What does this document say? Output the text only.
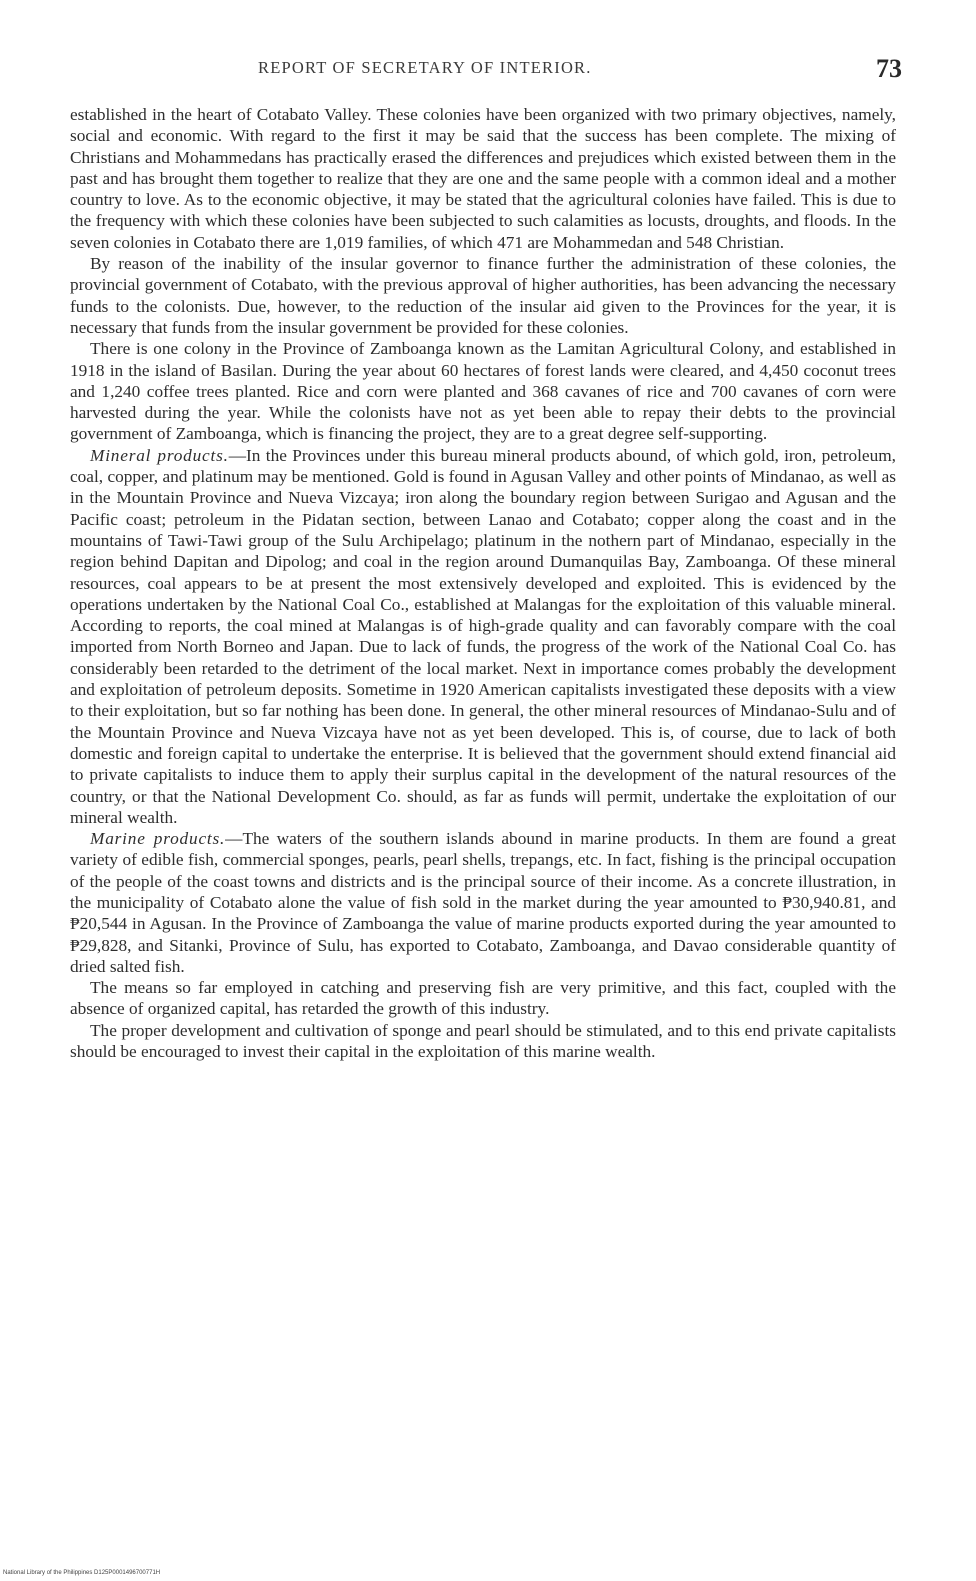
REPORT OF SECRETARY OF INTERIOR.	73

established in the heart of Cotabato Valley. These colonies have been organized with two primary objectives, namely, social and economic. With regard to the first it may be said that the success has been complete. The mixing of Christians and Mohammedans has practically erased the differences and prejudices which existed between them in the past and has brought them together to realize that they are one and the same people with a common ideal and a mother country to love. As to the economic objective, it may be stated that the agricultural colonies have failed. This is due to the frequency with which these colonies have been subjected to such calamities as locusts, droughts, and floods. In the seven colonies in Cotabato there are 1,019 families, of which 471 are Mohammedan and 548 Christian.

By reason of the inability of the insular governor to finance further the administration of these colonies, the provincial government of Cotabato, with the previous approval of higher authorities, has been advancing the necessary funds to the colonists. Due, however, to the reduction of the insular aid given to the Provinces for the year, it is necessary that funds from the insular government be provided for these colonies.

There is one colony in the Province of Zamboanga known as the Lamitan Agricultural Colony, and established in 1918 in the island of Basilan. During the year about 60 hectares of forest lands were cleared, and 4,450 coconut trees and 1,240 coffee trees planted. Rice and corn were planted and 368 cavanes of rice and 700 cavanes of corn were harvested during the year. While the colonists have not as yet been able to repay their debts to the provincial government of Zamboanga, which is financing the project, they are to a great degree self-supporting.

Mineral products.—In the Provinces under this bureau mineral products abound, of which gold, iron, petroleum, coal, copper, and platinum may be mentioned. Gold is found in Agusan Valley and other points of Mindanao, as well as in the Mountain Province and Nueva Vizcaya; iron along the boundary region between Surigao and Agusan and the Pacific coast; petroleum in the Pidatan section, between Lanao and Cotabato; copper along the coast and in the mountains of Tawi-Tawi group of the Sulu Archipelago; platinum in the nothern part of Mindanao, especially in the region behind Dapitan and Dipolog; and coal in the region around Dumanquilas Bay, Zamboanga. Of these mineral resources, coal appears to be at present the most extensively developed and exploited. This is evidenced by the operations undertaken by the National Coal Co., established at Malangas for the exploitation of this valuable mineral. According to reports, the coal mined at Malangas is of high-grade quality and can favorably compare with the coal imported from North Borneo and Japan. Due to lack of funds, the progress of the work of the National Coal Co. has considerably been retarded to the detriment of the local market. Next in importance comes probably the development and exploitation of petroleum deposits. Sometime in 1920 American capitalists investigated these deposits with a view to their exploitation, but so far nothing has been done. In general, the other mineral resources of Mindanao-Sulu and of the Mountain Province and Nueva Vizcaya have not as yet been developed. This is, of course, due to lack of both domestic and foreign capital to undertake the enterprise. It is believed that the government should extend financial aid to private capitalists to induce them to apply their surplus capital in the development of the natural resources of the country, or that the National Development Co. should, as far as funds will permit, undertake the exploitation of our mineral wealth.

Marine products.—The waters of the southern islands abound in marine products. In them are found a great variety of edible fish, commercial sponges, pearls, pearl shells, trepangs, etc. In fact, fishing is the principal occupation of the people of the coast towns and districts and is the principal source of their income. As a concrete illustration, in the municipality of Cotabato alone the value of fish sold in the market during the year amounted to ₱30,940.81, and ₱20,544 in Agusan. In the Province of Zamboanga the value of marine products exported during the year amounted to ₱29,828, and Sitanki, Province of Sulu, has exported to Cotabato, Zamboanga, and Davao considerable quantity of dried salted fish.

The means so far employed in catching and preserving fish are very primitive, and this fact, coupled with the absence of organized capital, has retarded the growth of this industry.

The proper development and cultivation of sponge and pearl should be stimulated, and to this end private capitalists should be encouraged to invest their capital in the exploitation of this marine wealth.

National Library of the Philippines D125P0001496700771H
